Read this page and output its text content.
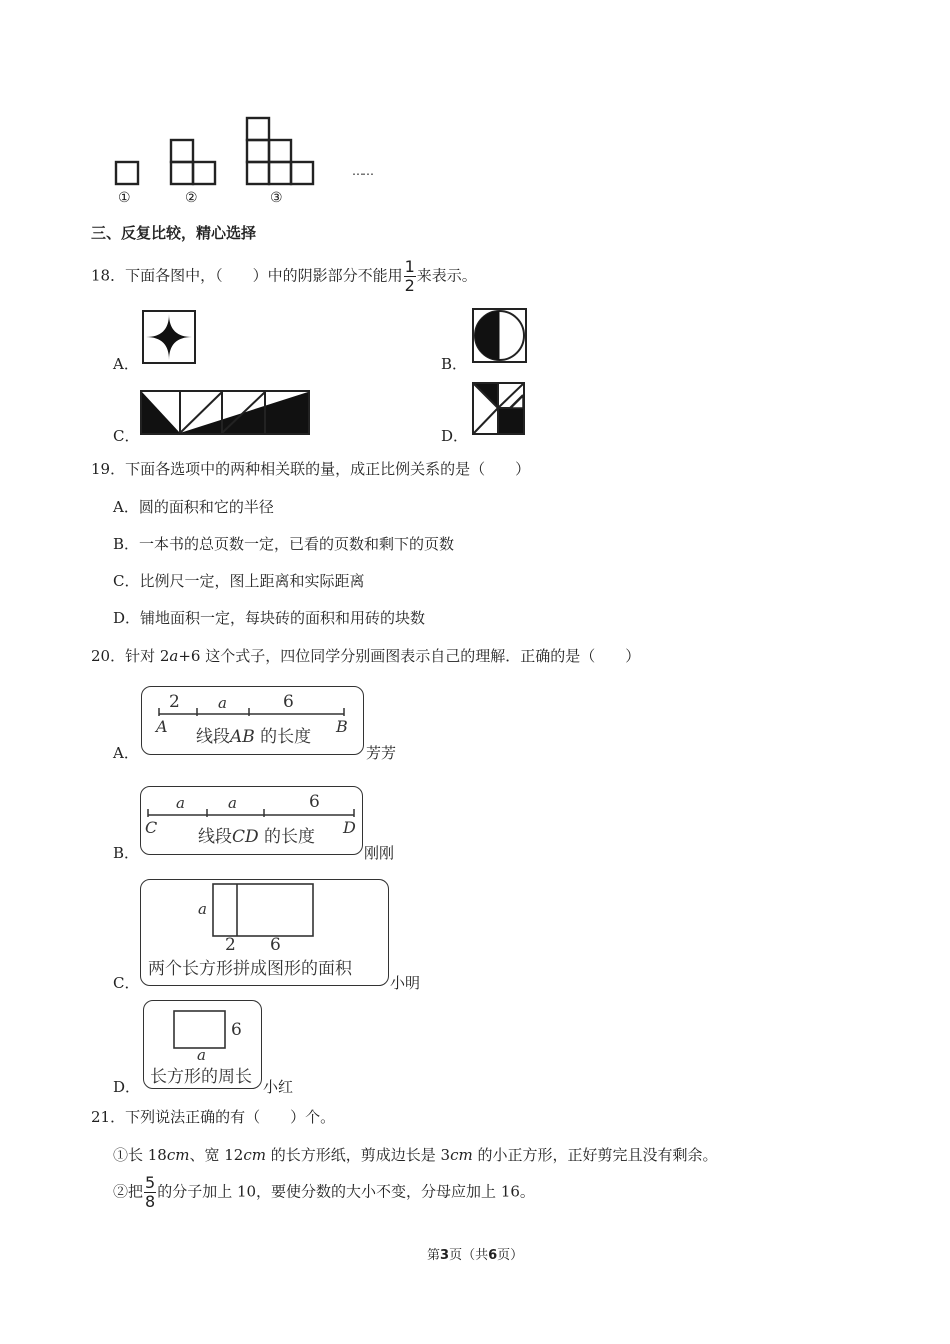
①	②	③
……
三、反复比较，精心选择
18．下面各图中，（　　）中的阴影部分不能用 $\frac{1}{2}$ 来表示。
A．	B．
C．	D．
19．下面各选项中的两种相关联的量，成正比例关系的是（　　）
A．圆的面积和它的半径
B．一本书的总页数一定，已看的页数和剩下的页数
C．比例尺一定，图上距离和实际距离
D．铺地面积一定，每块砖的面积和用砖的块数
20．针对 2a+6 这个式子，四位同学分别画图表示自己的理解．正确的是（　　）
A．
2	a	6
A	B
线段AB 的长度
芳芳
B．
a	a	6
C	D
线段CD 的长度
刚刚
C．
a
2 6
两个长方形拼成图形的面积
小明
D．
6
a
长方形的周长 小红
21．下列说法正确的有（　　）个。
①长 18cm、宽 12cm 的长方形纸，剪成边长是 3cm 的小正方形，正好剪完且没有剩余。
②把 $\frac{5}{8}$ 的分子加上 10，要使分数的大小不变，分母应加上 16。
第3页（共6页）
